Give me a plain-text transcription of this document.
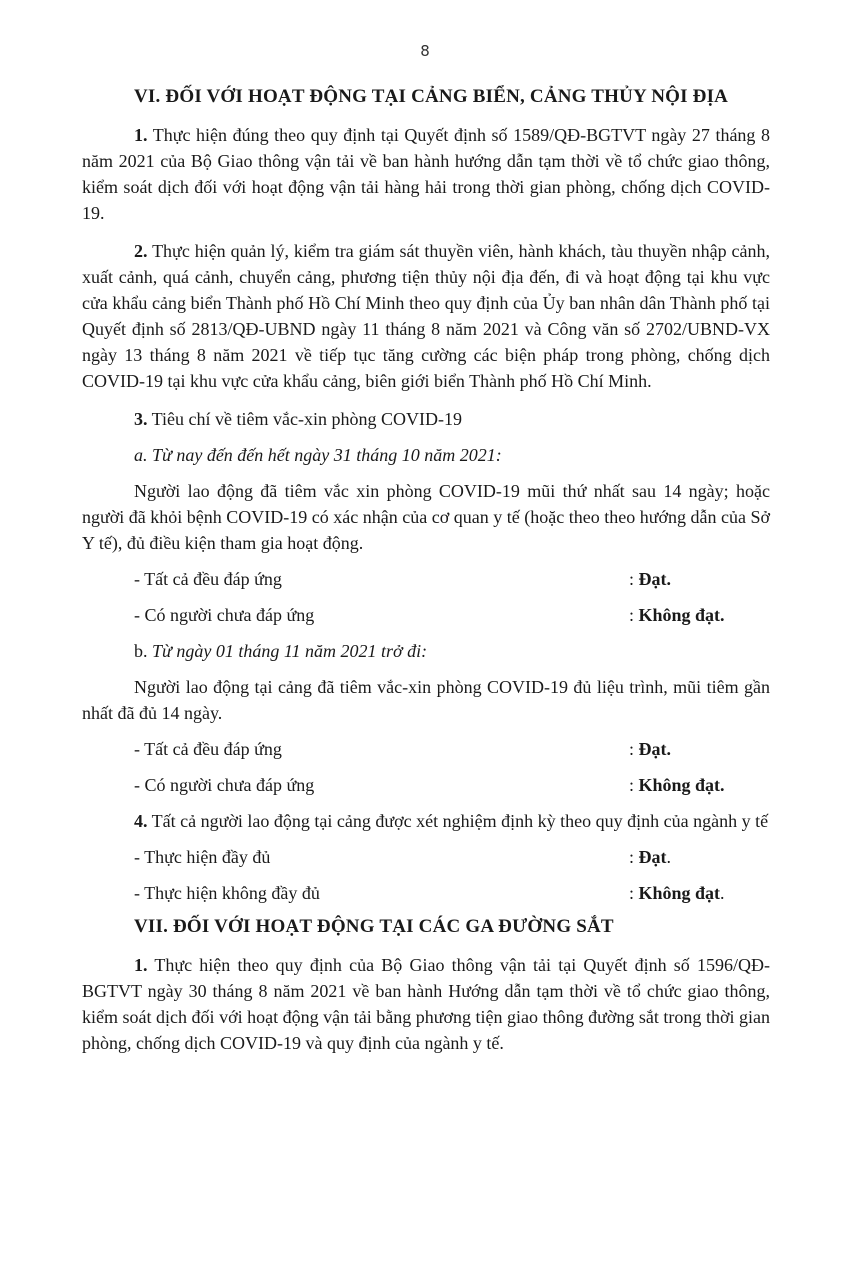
8
VI. ĐỐI VỚI HOẠT ĐỘNG TẠI CẢNG BIỂN, CẢNG THỦY NỘI ĐỊA

1. Thực hiện đúng theo quy định tại Quyết định số 1589/QĐ-BGTVT ngày 27 tháng 8 năm 2021 của Bộ Giao thông vận tải về ban hành hướng dẫn tạm thời về tổ chức giao thông, kiểm soát dịch đối với hoạt động vận tải hàng hải trong thời gian phòng, chống dịch COVID-19.

2. Thực hiện quản lý, kiểm tra giám sát thuyền viên, hành khách, tàu thuyền nhập cảnh, xuất cảnh, quá cảnh, chuyển cảng, phương tiện thủy nội địa đến, đi và hoạt động tại khu vực cửa khẩu cảng biển Thành phố Hồ Chí Minh theo quy định của Ủy ban nhân dân Thành phố tại Quyết định số 2813/QĐ-UBND ngày 11 tháng 8 năm 2021 và Công văn số 2702/UBND-VX ngày 13 tháng 8 năm 2021 về tiếp tục tăng cường các biện pháp trong phòng, chống dịch COVID-19 tại khu vực cửa khẩu cảng, biên giới biển Thành phố Hồ Chí Minh.

3. Tiêu chí về tiêm vắc-xin phòng COVID-19

a. Từ nay đến đến hết ngày 31 tháng 10 năm 2021:

Người lao động đã tiêm vắc xin phòng COVID-19 mũi thứ nhất sau 14 ngày; hoặc người đã khỏi bệnh COVID-19 có xác nhận của cơ quan y tế (hoặc theo theo hướng dẫn của Sở Y tế), đủ điều kiện tham gia hoạt động.

- Tất cả đều đáp ứng	: Đạt.
- Có người chưa đáp ứng	: Không đạt.

b. Từ ngày 01 tháng 11 năm 2021 trở đi:

Người lao động tại cảng đã tiêm vắc-xin phòng COVID-19 đủ liệu trình, mũi tiêm gần nhất đã đủ 14 ngày.

- Tất cả đều đáp ứng	: Đạt.
- Có người chưa đáp ứng	: Không đạt.

4. Tất cả người lao động tại cảng được xét nghiệm định kỳ theo quy định của ngành y tế

- Thực hiện đầy đủ	: Đạt.
- Thực hiện không đầy đủ	: Không đạt.
VII. ĐỐI VỚI HOẠT ĐỘNG TẠI CÁC GA ĐƯỜNG SẮT

1. Thực hiện theo quy định của Bộ Giao thông vận tải tại Quyết định số 1596/QĐ-BGTVT ngày 30 tháng 8 năm 2021 về ban hành Hướng dẫn tạm thời về tổ chức giao thông, kiểm soát dịch đối với hoạt động vận tải bằng phương tiện giao thông đường sắt trong thời gian phòng, chống dịch COVID-19 và quy định của ngành y tế.
